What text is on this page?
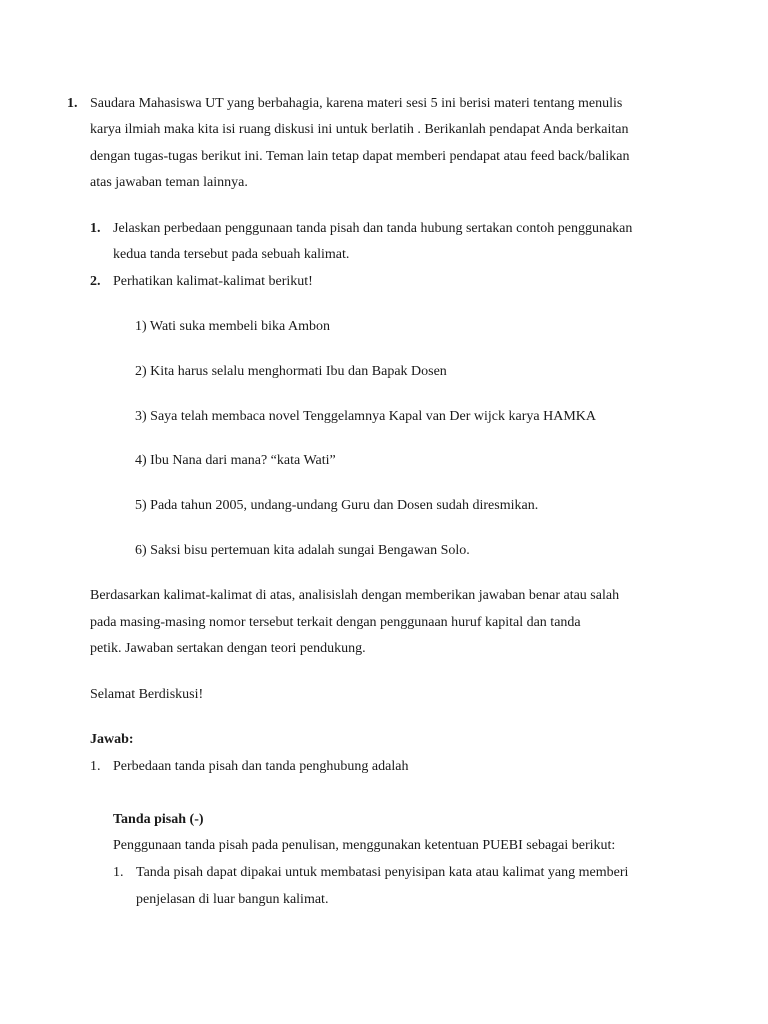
1. Saudara Mahasiswa UT yang berbahagia, karena materi sesi 5 ini berisi materi tentang menulis
karya ilmiah maka kita isi ruang diskusi ini untuk berlatih . Berikanlah pendapat Anda berkaitan
dengan tugas-tugas berikut ini. Teman lain tetap dapat memberi pendapat atau feed back/balikan
atas jawaban teman lainnya.
1. Jelaskan perbedaan penggunaan tanda pisah dan tanda hubung sertakan contoh penggunakan
kedua tanda tersebut pada sebuah kalimat.
2. Perhatikan kalimat-kalimat berikut!
1) Wati suka membeli bika Ambon
2) Kita harus selalu menghormati Ibu dan Bapak Dosen
3) Saya telah membaca novel Tenggelamnya Kapal van Der wijck karya HAMKA
4) Ibu Nana dari mana? “kata Wati”
5) Pada tahun 2005, undang-undang Guru dan Dosen sudah diresmikan.
6) Saksi bisu pertemuan kita adalah sungai Bengawan Solo.
Berdasarkan kalimat-kalimat di atas, analisislah dengan memberikan jawaban benar atau salah
pada masing-masing nomor tersebut terkait dengan penggunaan huruf kapital dan tanda
petik. Jawaban sertakan dengan teori pendukung.
Selamat Berdiskusi!
Jawab:
1. Perbedaan tanda pisah dan tanda penghubung adalah
Tanda pisah (-)
Penggunaan tanda pisah pada penulisan, menggunakan ketentuan PUEBI sebagai berikut:
1. Tanda pisah dapat dipakai untuk membatasi penyisipan kata atau kalimat yang memberi
penjelasan di luar bangun kalimat.
